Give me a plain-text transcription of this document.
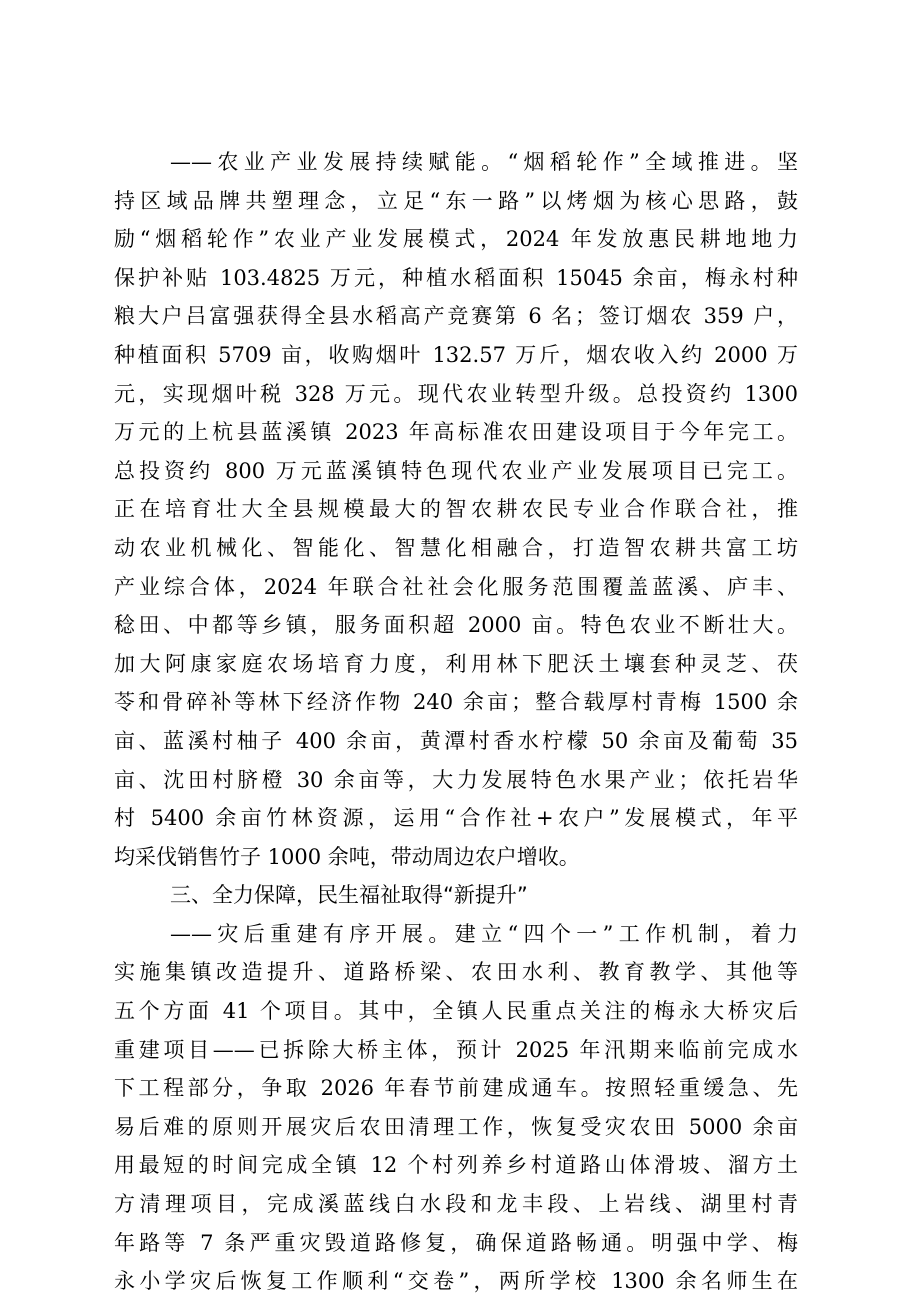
——农业产业发展持续赋能。“烟稻轮作”全域推进。坚
持区域品牌共塑理念，立足“东一路”以烤烟为核心思路，鼓
励“烟稻轮作”农业产业发展模式，2024 年发放惠民耕地地力
保护补贴 103.4825 万元，种植水稻面积 15045 余亩，梅永村种
粮大户吕富强获得全县水稻高产竞赛第 6 名；签订烟农 359 户，
种植面积 5709 亩，收购烟叶 132.57 万斤，烟农收入约 2000 万
元，实现烟叶税 328 万元。现代农业转型升级。总投资约 1300
万元的上杭县蓝溪镇 2023 年高标准农田建设项目于今年完工。
总投资约 800 万元蓝溪镇特色现代农业产业发展项目已完工。
正在培育壮大全县规模最大的智农耕农民专业合作联合社，推
动农业机械化、智能化、智慧化相融合，打造智农耕共富工坊
产业综合体，2024 年联合社社会化服务范围覆盖蓝溪、庐丰、
稔田、中都等乡镇，服务面积超 2000 亩。特色农业不断壮大。
加大阿康家庭农场培育力度，利用林下肥沃土壤套种灵芝、茯
苓和骨碎补等林下经济作物 240 余亩；整合载厚村青梅 1500 余
亩、蓝溪村柚子 400 余亩，黄潭村香水柠檬 50 余亩及葡萄 35
亩、沈田村脐橙 30 余亩等，大力发展特色水果产业；依托岩华
村 5400 余亩竹林资源，运用“合作社+农户”发展模式，年平
均采伐销售竹子 1000 余吨，带动周边农户增收。
三、全力保障，民生福祉取得“新提升”
——灾后重建有序开展。建立“四个一”工作机制，着力
实施集镇改造提升、道路桥梁、农田水利、教育教学、其他等
五个方面 41 个项目。其中，全镇人民重点关注的梅永大桥灾后
重建项目——已拆除大桥主体，预计 2025 年汛期来临前完成水
下工程部分，争取 2026 年春节前建成通车。按照轻重缓急、先
易后难的原则开展灾后农田清理工作，恢复受灾农田 5000 余亩
用最短的时间完成全镇 12 个村列养乡村道路山体滑坡、溜方土
方清理项目，完成溪蓝线白水段和龙丰段、上岩线、湖里村青
年路等 7 条严重灾毁道路修复，确保道路畅通。明强中学、梅
永小学灾后恢复工作顺利“交卷”，两所学校 1300 余名师生在
